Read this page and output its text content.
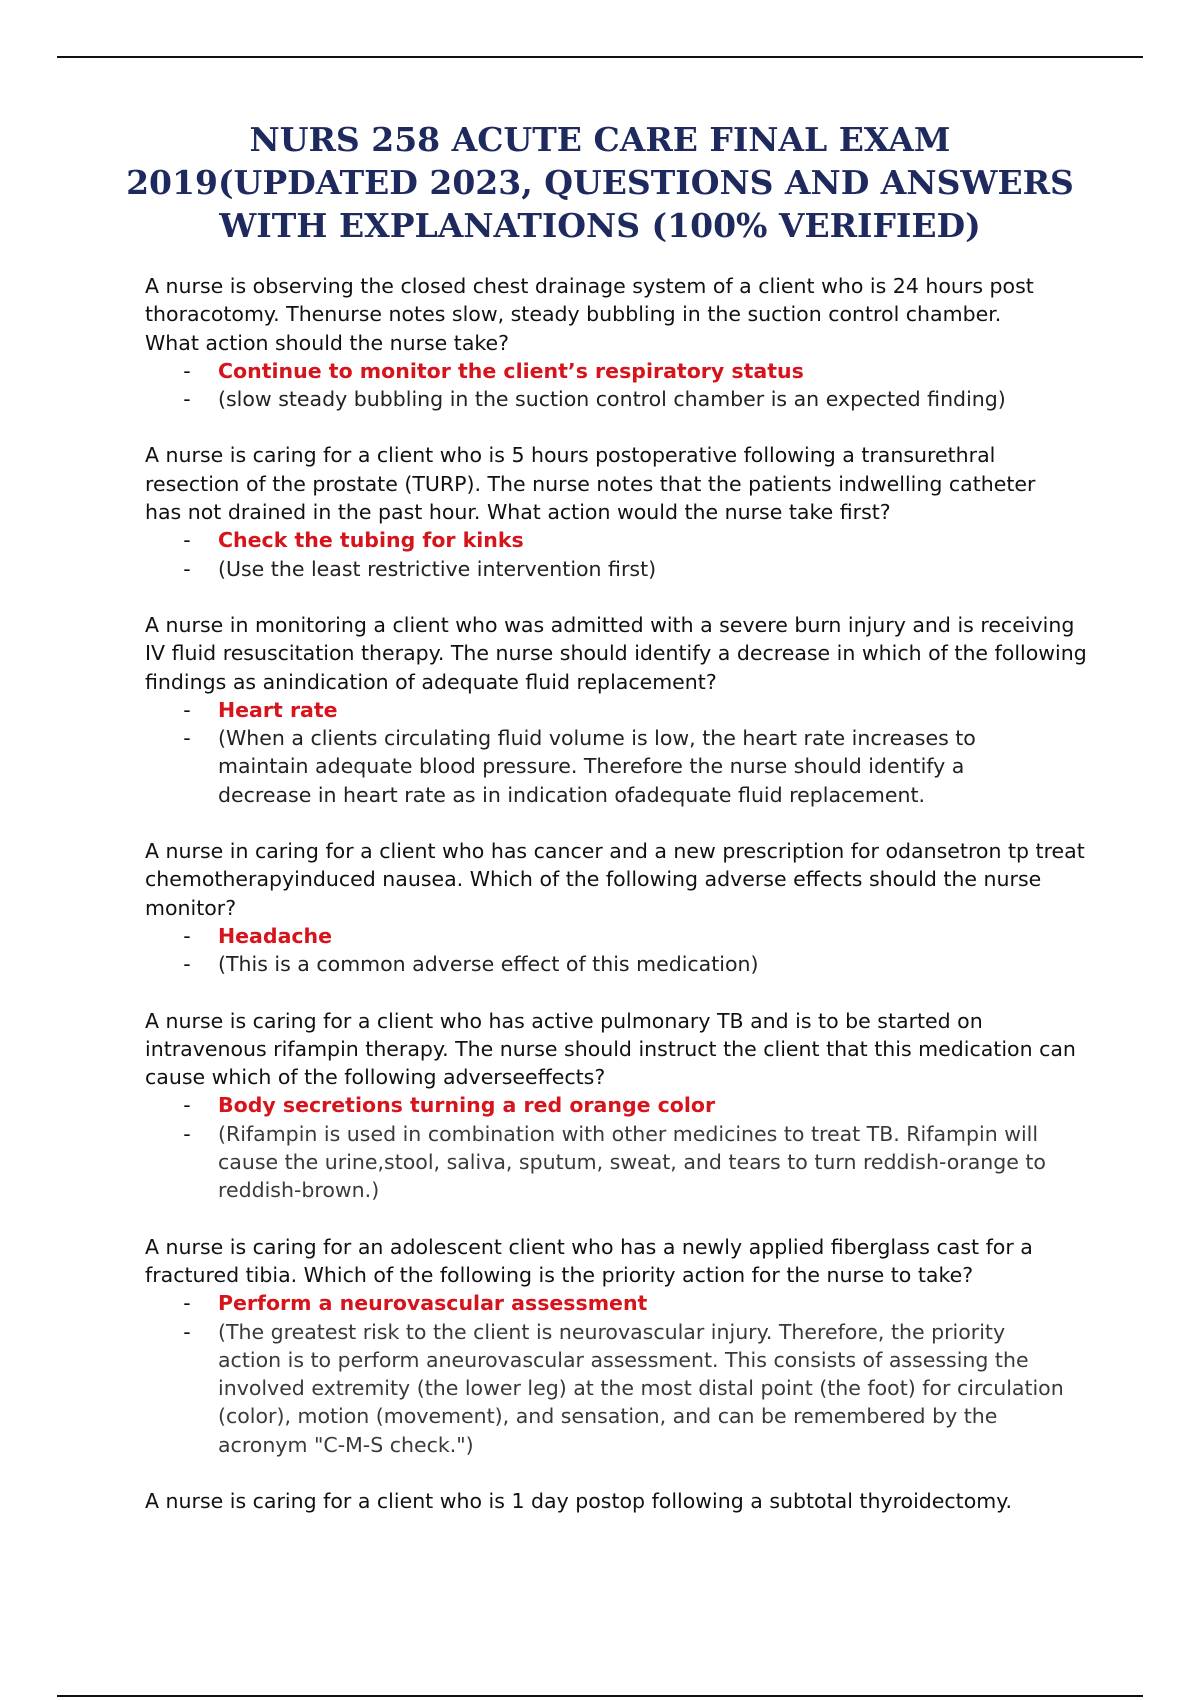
NURS 258 ACUTE CARE FINAL EXAM 2019(UPDATED 2023, QUESTIONS AND ANSWERS WITH EXPLANATIONS (100% VERIFIED)

A nurse is observing the closed chest drainage system of a client who is 24 hours post thoracotomy. Thenurse notes slow, steady bubbling in the suction control chamber. What action should the nurse take?

- Continue to monitor the client’s respiratory status

- (slow steady bubbling in the suction control chamber is an expected finding)

A nurse is caring for a client who is 5 hours postoperative following a transurethral resection of the prostate (TURP). The nurse notes that the patients indwelling catheter has not drained in the past hour. What action would the nurse take first?

- Check the tubing for kinks

- (Use the least restrictive intervention first)

A nurse in monitoring a client who was admitted with a severe burn injury and is receiving IV fluid resuscitation therapy. The nurse should identify a decrease in which of the following findings as anindication of adequate fluid replacement?

- Heart rate

- (When a clients circulating fluid volume is low, the heart rate increases to maintain adequate blood pressure. Therefore the nurse should identify a decrease in heart rate as in indication ofadequate fluid replacement.

A nurse in caring for a client who has cancer and a new prescription for odansetron tp treat chemotherapyinduced nausea. Which of the following adverse effects should the nurse monitor?

- Headache

- (This is a common adverse effect of this medication)

A nurse is caring for a client who has active pulmonary TB and is to be started on intravenous rifampin therapy. The nurse should instruct the client that this medication can cause which of the following adverseeffects?

- Body secretions turning a red orange color

- (Rifampin is used in combination with other medicines to treat TB. Rifampin will cause the urine,stool, saliva, sputum, sweat, and tears to turn reddish-orange to reddish-brown.)

A nurse is caring for an adolescent client who has a newly applied fiberglass cast for a fractured tibia. Which of the following is the priority action for the nurse to take?

- Perform a neurovascular assessment

- (The greatest risk to the client is neurovascular injury. Therefore, the priority action is to perform aneurovascular assessment. This consists of assessing the involved extremity (the lower leg) at the most distal point (the foot) for circulation (color), motion (movement), and sensation, and can be remembered by the acronym "C-M-S check.")

A nurse is caring for a client who is 1 day postop following a subtotal thyroidectomy.
